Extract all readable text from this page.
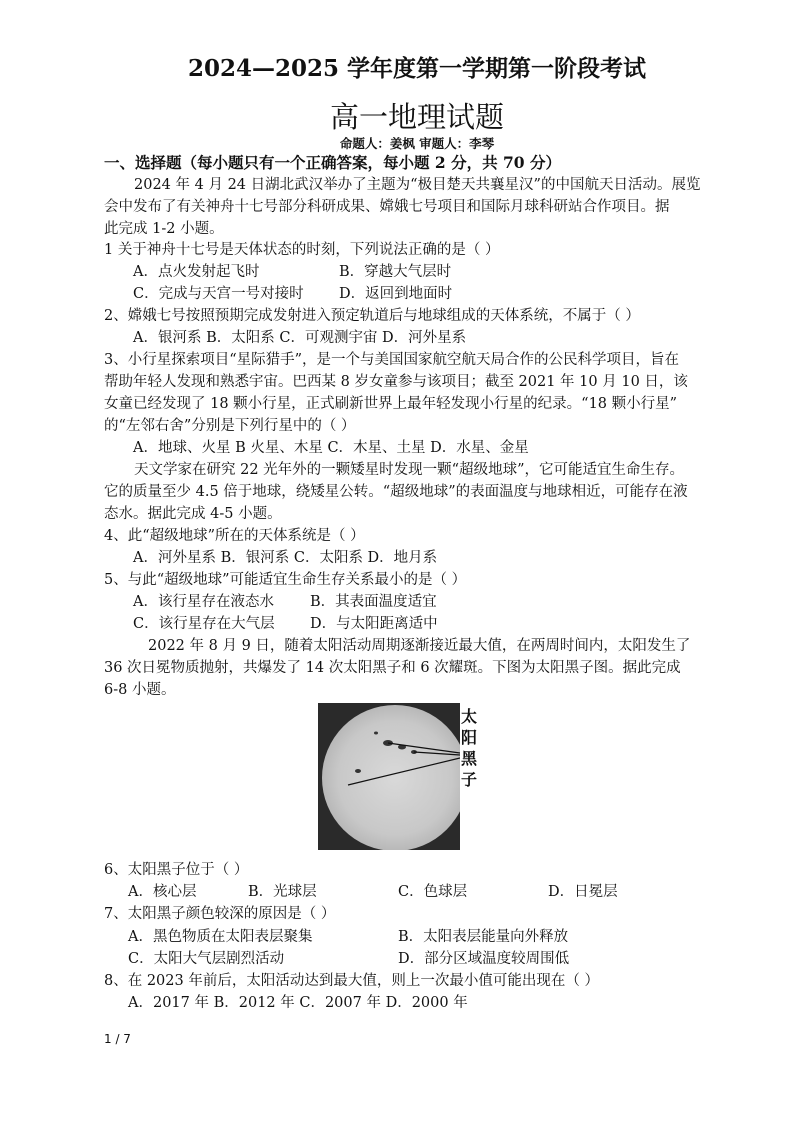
2024—2025 学年度第一学期第一阶段考试
高一地理试题
命题人：姜枫 审题人：李琴
一、选择题（每小题只有一个正确答案，每小题 2 分，共 70 分）
2024 年 4 月 24 日湖北武汉举办了主题为“极目楚天共襄星汉”的中国航天日活动。展览
会中发布了有关神舟十七号部分科研成果、嫦娥七号项目和国际月球科研站合作项目。据
此完成 1-2 小题。
1 关于神舟十七号是天体状态的时刻，下列说法正确的是（ ）
A．点火发射起飞时	B．穿越大气层时
C．完成与天宫一号对接时 D．返回到地面时
2、嫦娥七号按照预期完成发射进入预定轨道后与地球组成的天体系统，不属于（ ）
A．银河系 B．太阳系 C．可观测宇宙 D．河外星系
3、小行星探索项目“星际猎手”，是一个与美国国家航空航天局合作的公民科学项目，旨在
帮助年轻人发现和熟悉宇宙。巴西某 8 岁女童参与该项目；截至 2021 年 10 月 10 日，该
女童已经发现了 18 颗小行星，正式刷新世界上最年轻发现小行星的纪录。“18 颗小行星”
的“左邻右舍”分别是下列行星中的（ ）
A．地球、火星 B 火星、木星 C．木星、土星 D．水星、金星
天文学家在研究 22 光年外的一颗矮星时发现一颗“超级地球”，它可能适宜生命生存。
它的质量至少 4.5 倍于地球，绕矮星公转。“超级地球”的表面温度与地球相近，可能存在液
态水。据此完成 4-5 小题。
4、此“超级地球”所在的天体系统是（ ）
A．河外星系 B．银河系 C．太阳系 D．地月系
5、与此“超级地球”可能适宜生命生存关系最小的是（ ）
A．该行星存在液态水 B．其表面温度适宜
C．该行星存在大气层 D．与太阳距离适中
2022 年 8 月 9 日，随着太阳活动周期逐渐接近最大值，在两周时间内，太阳发生了
36 次日冕物质抛射，共爆发了 14 次太阳黑子和 6 次耀斑。下图为太阳黑子图。据此完成
6-8 小题。
太阳黑子
6、太阳黑子位于（ ）
A．核心层	B．光球层	C．色球层	D．日冕层
7、太阳黑子颜色较深的原因是（ ）
A．黑色物质在太阳表层聚集	B．太阳表层能量向外释放
C．太阳大气层剧烈活动	D．部分区域温度较周围低
8、在 2023 年前后，太阳活动达到最大值，则上一次最小值可能出现在（ ）
A．2017 年 B．2012 年 C．2007 年 D．2000 年
1 / 7
